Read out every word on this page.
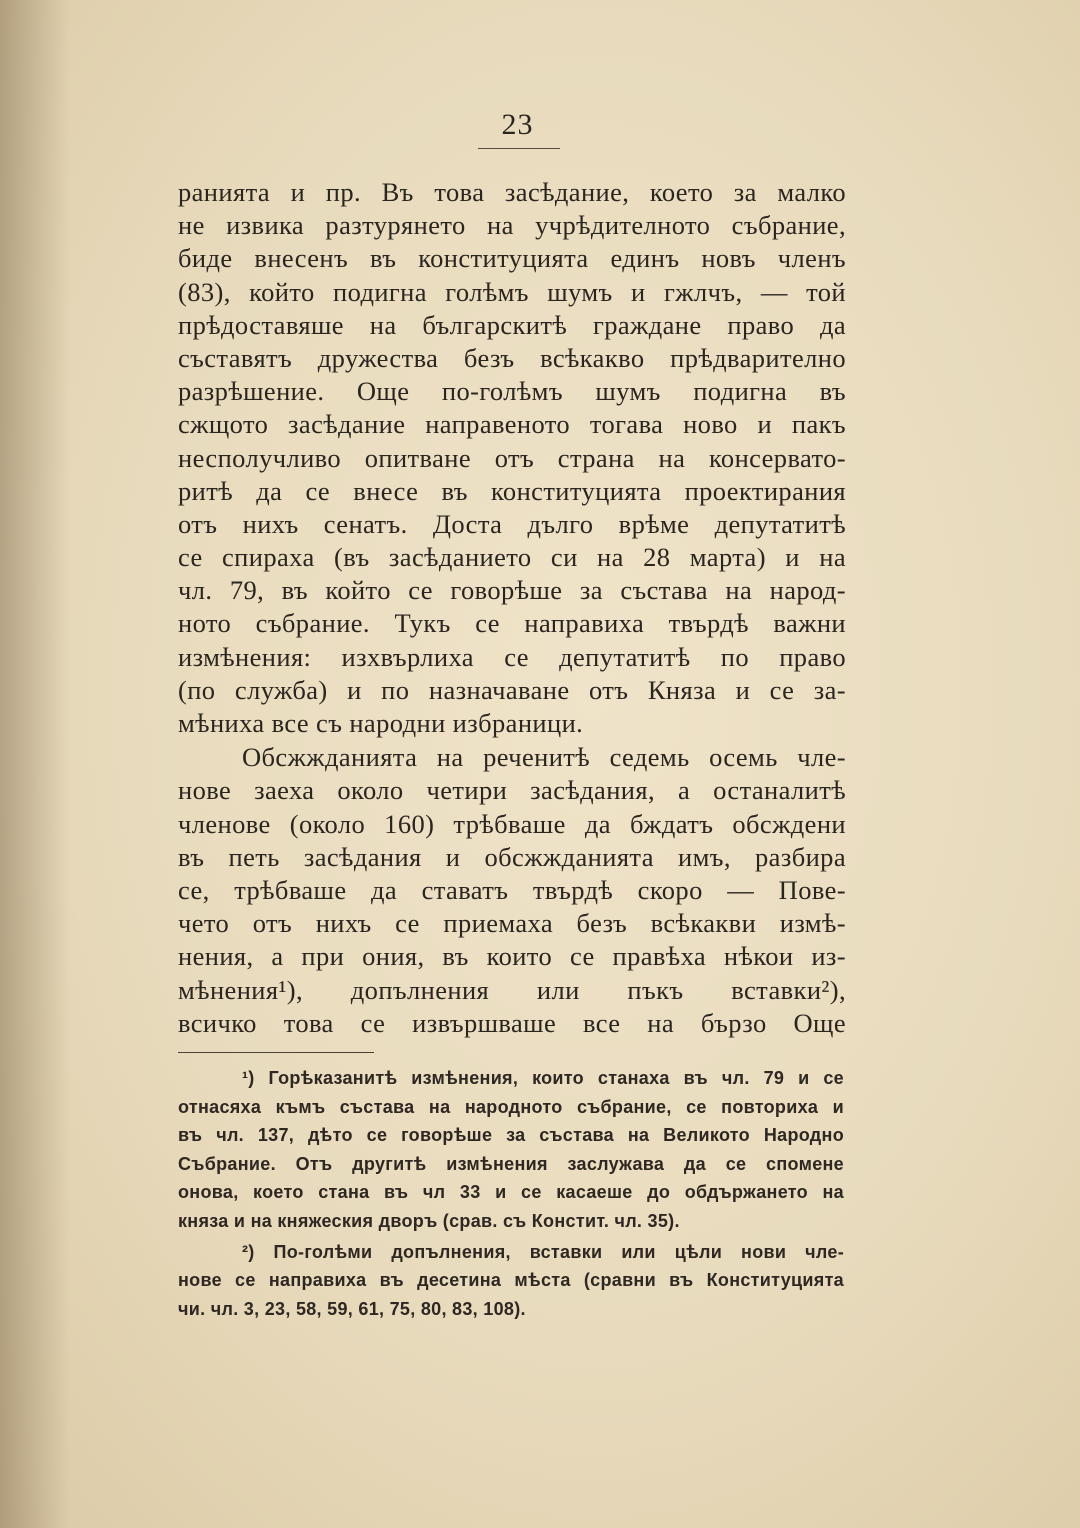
23
ранията и пр. Въ това засѣдание, което за малко
не извика разтурянето на учрѣдителното събрание,
биде внесенъ въ конституцията единъ новъ членъ
(83), който подигна голѣмъ шумъ и гжлчъ, — той
прѣдоставяше на българскитѣ граждане право да
съставятъ дружества безъ всѣкакво прѣдварително
разрѣшение. Още по-голѣмъ шумъ подигна въ
сжщото засѣдание направеното тогава ново и пакъ
несполучливо опитване отъ страна на консервато-
ритѣ да се внесе въ конституцията проектирания
отъ нихъ сенатъ. Доста дълго врѣме депутатитѣ
се спираха (въ засѣданието си на 28 марта) и на
чл. 79, въ който се говорѣше за състава на народ-
ното събрание. Тукъ се направиха твърдѣ важни
измѣнения: изхвърлиха се депутатитѣ по право
(по служба) и по назначаване отъ Княза и се за-
мѣниха все съ народни избраници.
Обсжжданията на реченитѣ седемь осемь чле-
нове заеха около четири засѣдания, а останалитѣ
членове (около 160) трѣбваше да бждатъ обсждени
въ петь засѣдания и обсжжданията имъ, разбира
се, трѣбваше да ставатъ твърдѣ скоро — Пове-
чето отъ нихъ се приемаха безъ всѣкакви измѣ-
нения, а при ония, въ които се правѣха нѣкои из-
мѣнения¹), допълнения или пъкъ вставки²),
всичко това се извършваше все на бързо Още
¹) Горѣказанитѣ измѣнения, които станаха въ чл. 79 и се
отнасяха къмъ състава на народното събрание, се повториха и
въ чл. 137, дѣто се говорѣше за състава на Великото Народно
Събрание. Отъ другитѣ измѣнения заслужава да се спомене
онова, което стана въ чл 33 и се касаеше до обдържането на
княза и на княжеския дворъ (срав. съ Констит. чл. 35).
²) По-голѣми допълнения, вставки или цѣли нови чле-
нове се направиха въ десетина мѣста (сравни въ Конституцията
чи. чл. 3, 23, 58, 59, 61, 75, 80, 83, 108).
